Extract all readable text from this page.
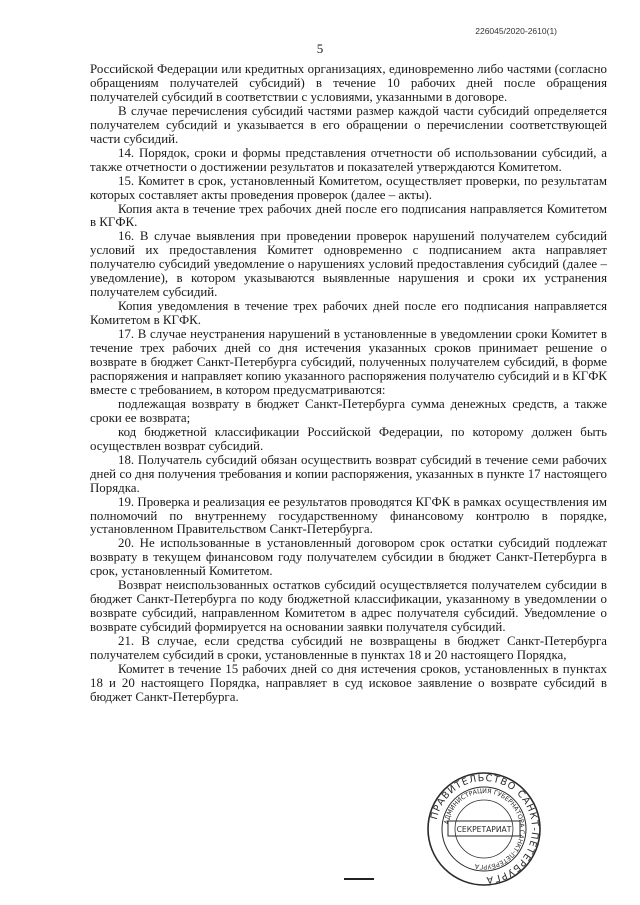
226045/2020-2610(1)
5

Российской Федерации или кредитных организациях, единовременно либо частями (согласно обращениям получателей субсидий) в течение 10 рабочих дней после обращения получателей субсидий в соответствии с условиями, указанными в договоре.

В случае перечисления субсидий частями размер каждой части субсидий определяется получателем субсидий и указывается в его обращении о перечислении соответствующей части субсидий.

14. Порядок, сроки и формы представления отчетности об использовании субсидий, а также отчетности о достижении результатов и показателей утверждаются Комитетом.

15. Комитет в срок, установленный Комитетом, осуществляет проверки, по результатам которых составляет акты проведения проверок (далее – акты).

Копия акта в течение трех рабочих дней после его подписания направляется Комитетом в КГФК.

16. В случае выявления при проведении проверок нарушений получателем субсидий условий их предоставления Комитет одновременно с подписанием акта направляет получателю субсидий уведомление о нарушениях условий предоставления субсидий (далее – уведомление), в котором указываются выявленные нарушения и сроки их устранения получателем субсидий.

Копия уведомления в течение трех рабочих дней после его подписания направляется Комитетом в КГФК.

17. В случае неустранения нарушений в установленные в уведомлении сроки Комитет в течение трех рабочих дней со дня истечения указанных сроков принимает решение о возврате в бюджет Санкт-Петербурга субсидий, полученных получателем субсидий, в форме распоряжения и направляет копию указанного распоряжения получателю субсидий и в КГФК вместе с требованием, в котором предусматриваются:

подлежащая возврату в бюджет Санкт-Петербурга сумма денежных средств, а также сроки ее возврата;

код бюджетной классификации Российской Федерации, по которому должен быть осуществлен возврат субсидий.

18. Получатель субсидий обязан осуществить возврат субсидий в течение семи рабочих дней со дня получения требования и копии распоряжения, указанных в пункте 17 настоящего Порядка.

19. Проверка и реализация ее результатов проводятся КГФК в рамках осуществления им полномочий по внутреннему государственному финансовому контролю в порядке, установленном Правительством Санкт-Петербурга.

20. Не использованные в установленный договором срок остатки субсидий подлежат возврату в текущем финансовом году получателем субсидии в бюджет Санкт-Петербурга в срок, установленный Комитетом.

Возврат неиспользованных остатков субсидий осуществляется получателем субсидии в бюджет Санкт-Петербурга по коду бюджетной классификации, указанному в уведомлении о возврате субсидий, направленном Комитетом в адрес получателя субсидий. Уведомление о возврате субсидий формируется на основании заявки получателя субсидий.

21. В случае, если средства субсидий не возвращены в бюджет Санкт-Петербурга получателем субсидий в сроки, установленные в пунктах 18 и 20 настоящего Порядка,

Комитет в течение 15 рабочих дней со дня истечения сроков, установленных в пунктах 18 и 20 настоящего Порядка, направляет в суд исковое заявление о возврате субсидий в бюджет Санкт-Петербурга.

ПРАВИТЕЛЬСТВО САНКТ-ПЕТЕРБУРГА
АДМИНИСТРАЦИЯ ГУБЕРНАТОРА САНКТ-ПЕТЕРБУРГА
СЕКРЕТАРИАТ
